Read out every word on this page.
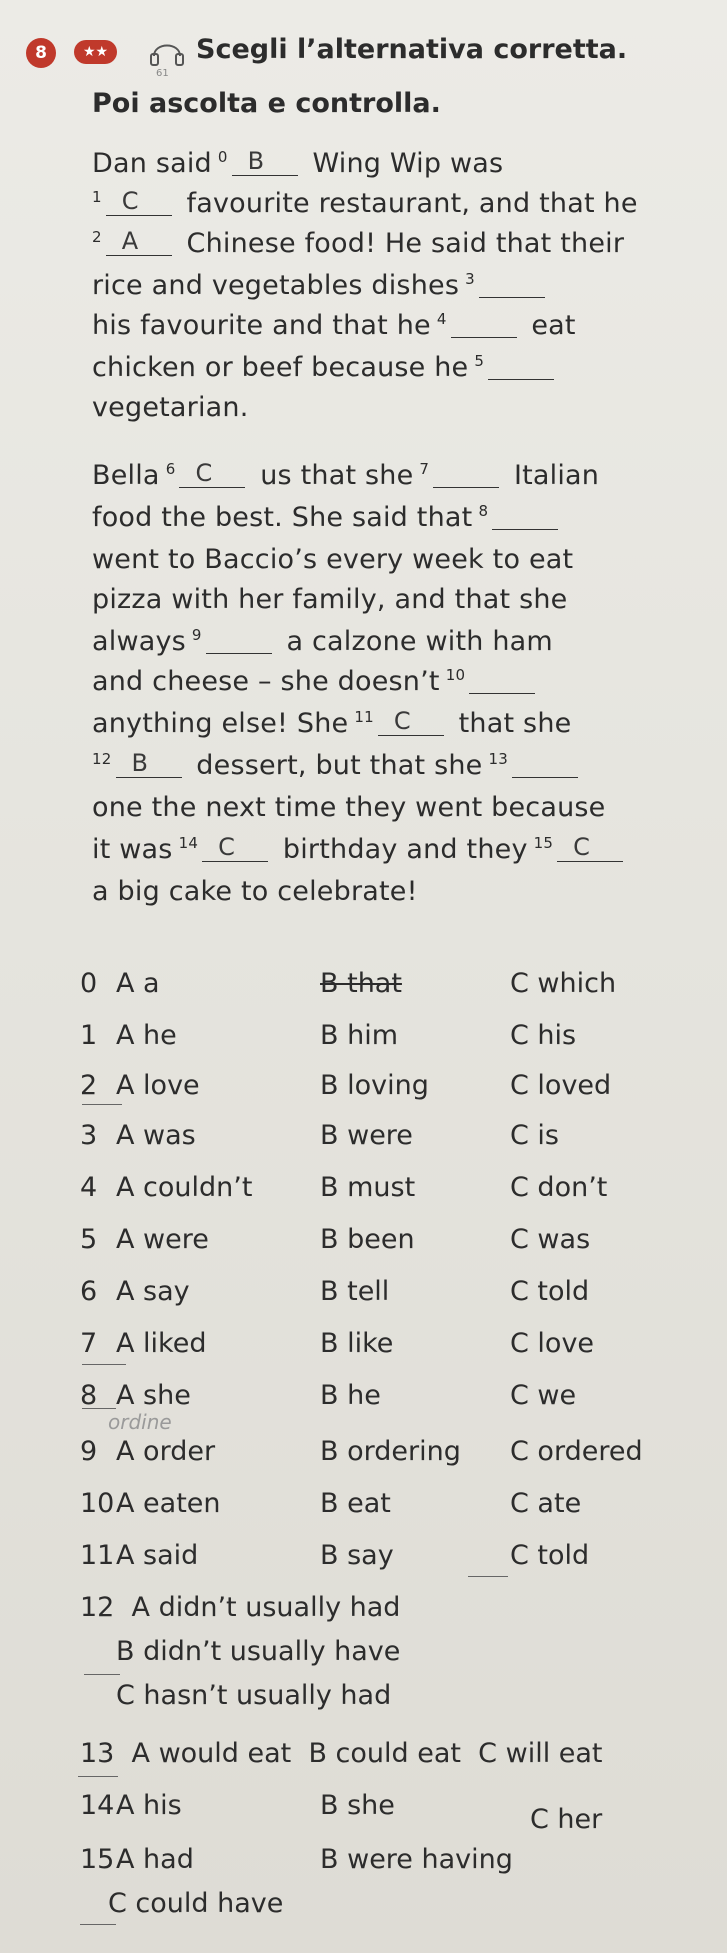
8	★★
61
Scegli l’alternativa corretta.
Poi ascolta e controlla.
Dan said $^0$ B Wing Wip was
$^1$ C favourite restaurant, and that he
$^2$ A Chinese food! He said that their
rice and vegetables dishes $^3$
his favourite and that he $^4$	eat
chicken or beef because he $^5$
vegetarian.
Bella $^6$ C us that she $^7$	Italian
food the best. She said that $^8$
went to Baccio’s every week to eat
pizza with her family, and that she
always $^9$	a calzone with ham
and cheese – she doesn’t $^{10}$
anything else! She $^{11}$ C that she
$^{12}$ B dessert, but that she $^{13}$
one the next time they went because
it was $^{14}$ C birthday and they $^{15}$ C
a big cake to celebrate!
0 A a	B that	C which
1 A he	B him	C his
2 A love	B loving	C loved
3 A was	B were	C is
4 A couldn’t	B must	C don’t
5 A were	B been	C was
6 A say	B tell	C told
7 A liked	B like	C love
8 A she	B he	C we
ordine
9 A order	B ordering C ordered
10 A eaten	B eat	C ate
11 A said	B say	C told
12 A didn’t usually had
B didn’t usually have
C hasn’t usually had
13 A would eat B could eat C will eat
14 A his	B she	C her
15 A had	B were having
C could have
